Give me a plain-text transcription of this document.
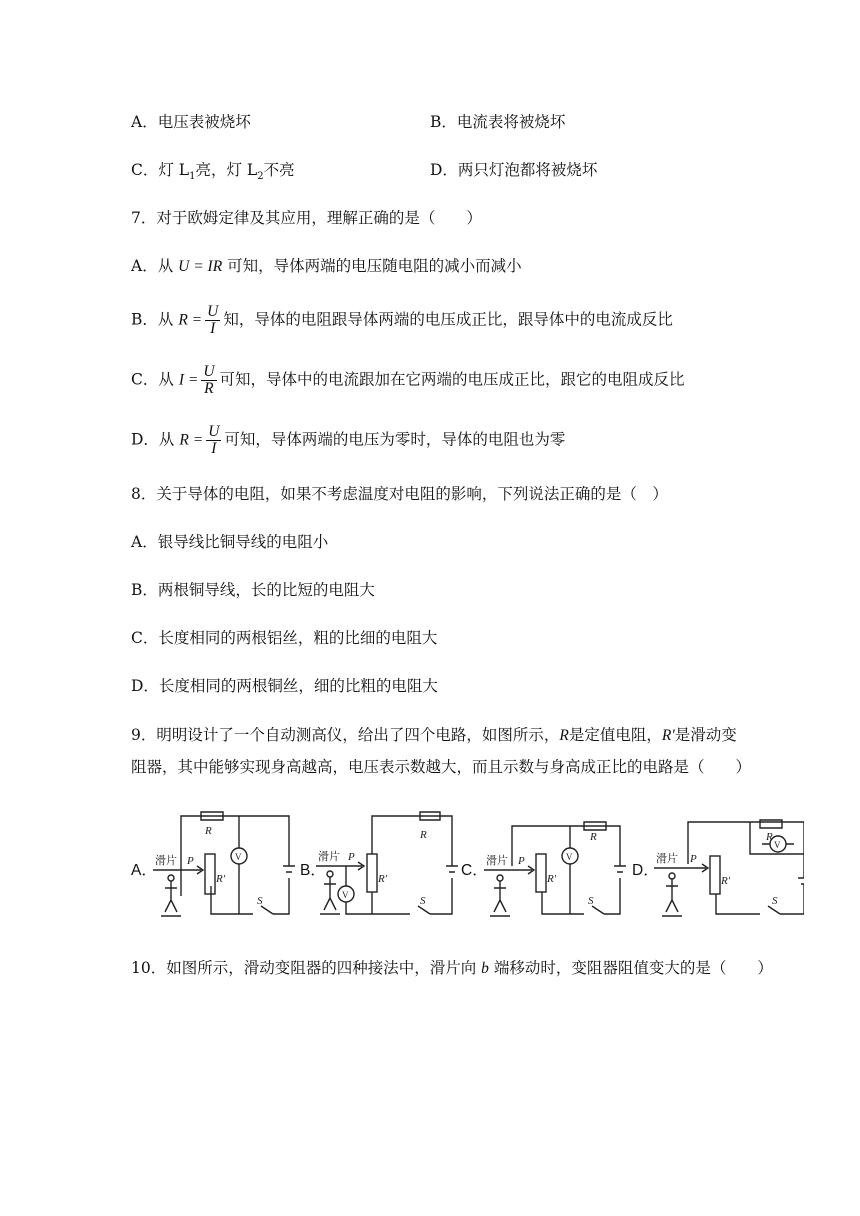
A．电压表被烧坏	B．电流表将被烧坏
C．灯 $L_1$亮，灯 $L_2$不亮	D．两只灯泡都将被烧坏
7．对于欧姆定律及其应用，理解正确的是（　　）
A．从 U = IR 可知，导体两端的电压随电阻的减小而减小
B．从 $R = \frac{U}{I}$ 知，导体的电阻跟导体两端的电压成正比，跟导体中的电流成反比
C．从 $I = \frac{U}{R}$ 可知，导体中的电流跟加在它两端的电压成正比，跟它的电阻成反比
D．从 $R = \frac{U}{I}$ 可知，导体两端的电压为零时，导体的电阻也为零
8．关于导体的电阻，如果不考虑温度对电阻的影响，下列说法正确的是（　）
A．银导线比铜导线的电阻小
B．两根铜导线，长的比短的电阻大
C．长度相同的两根铝丝，粗的比细的电阻大
D．长度相同的两根铜丝，细的比粗的电阻大
9．明明设计了一个自动测高仪，给出了四个电路，如图所示，R是定值电阻，R′是滑动变
阻器，其中能够实现身高越高，电压表示数越大，而且示数与身高成正比的电路是（　　）
A．	B．	C．	D．
滑片 P
R
R′
V
S
滑片 P
R
R′
V	S
滑片 P
R
R′
V
S
滑片 P
R
R′
V
S
10．如图所示，滑动变阻器的四种接法中，滑片向 b 端移动时，变阻器阻值变大的是（　　）
